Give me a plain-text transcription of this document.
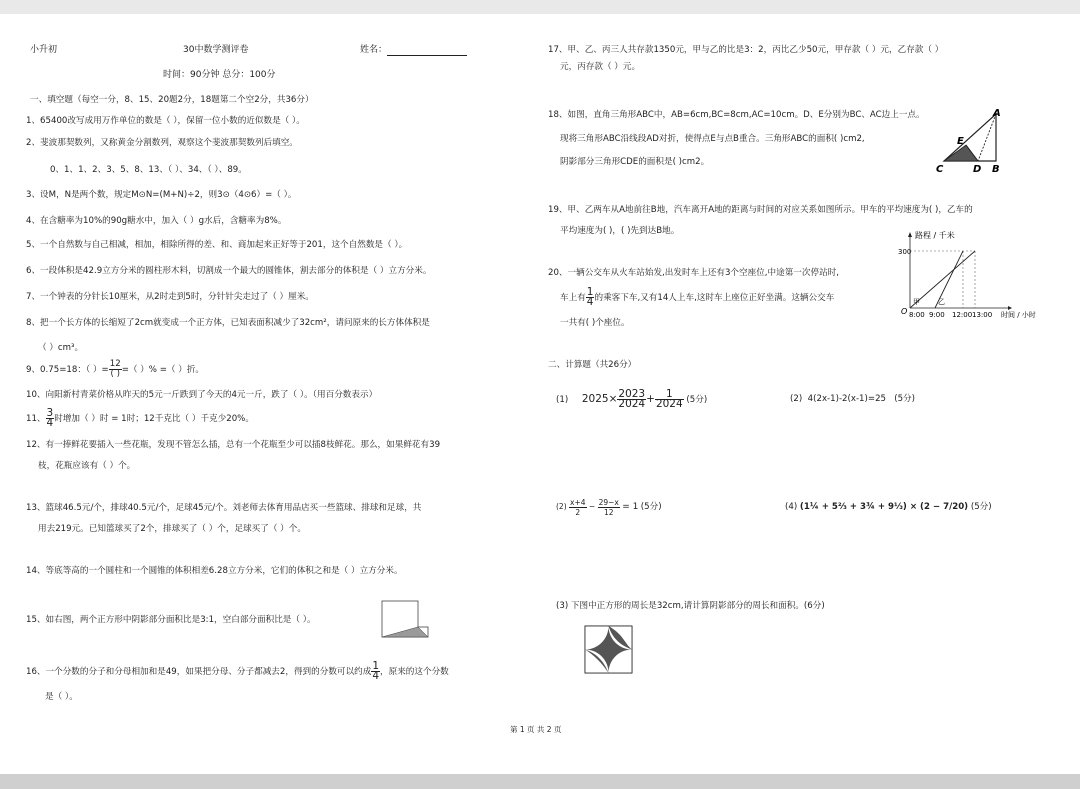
小升初	30中数学测评卷	姓名：
时间：90分钟 总分：100分
一、填空题（每空一分，8、15、20题2分，18题第二个空2分，共36分）
1、65400改写成用万作单位的数是（ ），保留一位小数的近似数是（ ）。
2、斐波那契数列，又称黄金分割数列，观察这个斐波那契数列后填空。
0、1、1、2、3、5、8、13、（ ）、34、（ ）、89。
3、设M，N是两个数，规定M⊙N=(M+N)÷2，则3⊙（4⊙6）=（ ）。
4、在含糖率为10%的90g糖水中，加入（ ）g水后，含糖率为8%。
5、一个自然数与自己相减，相加，相除所得的差、和、商加起来正好等于201，这个自然数是（ ）。
6、一段体积是42.9立方分米的圆柱形木料，切割成一个最大的圆锥体，割去部分的体积是（ ）立方分米。
7、一个钟表的分针长10厘米，从2时走到5时，分针针尖走过了（ ）厘米。
8、把一个长方体的长缩短了2cm就变成一个正方体，已知表面积减少了32cm²，请问原来的长方体体积是
（ ）cm³。
9、0.75=18：（ ）= $\frac{12}{( )}$ =（ ）% =（ ）折。
10、向阳新村青菜价格从昨天的5元一斤跌到了今天的4元一斤，跌了（ ）。（用百分数表示）
11、 $\frac{3}{4}$ 时增加（ ）时 = 1时；12千克比（ ）千克少20%。
12、有一捧鲜花要插入一些花瓶，发现不管怎么插，总有一个花瓶至少可以插8枝鲜花。那么，如果鲜花有39
枝，花瓶应该有（ ）个。
13、篮球46.5元/个，排球40.5元/个，足球45元/个。刘老师去体育用品店买一些篮球、排球和足球，共
用去219元。已知篮球买了2个，排球买了（ ）个，足球买了（ ）个。
14、等底等高的一个圆柱和一个圆锥的体积相差6.28立方分米，它们的体积之和是（ ）立方分米。
15、如右图，两个正方形中阴影部分面积比是3:1，空白部分面积比是（ ）。
16、一个分数的分子和分母相加和是49，如果把分母、分子都减去2，得到的分数可以约成 $\frac{1}{4}$ ，原来的这个分数
是（ ）。
17、甲、乙、丙三人共存款1350元，甲与乙的比是3：2，丙比乙少50元，甲存款（ ）元，乙存款（ ）
元，丙存款（ ）元。
18、如图，直角三角形ABC中，AB=6cm,BC=8cm,AC=10cm。D、E分别为BC、AC边上一点。
现将三角形ABC沿线段AD对折，使得点E与点B重合。三角形ABC的面积( )cm2,
阴影部分三角形CDE的面积是( )cm2。
A
E
C	D B
19、甲、乙两车从A地前往B地，汽车离开A地的距离与时间的对应关系如图所示。甲车的平均速度为( )，乙车的
平均速度为( )，( )先到达B地。	路程 / 千米
300
O
甲	乙
8:00 9:00 12:00 13:00 时间 / 小时
20、一辆公交车从火车站始发,出发时车上还有3个空座位,中途第一次停站时,
车上有 $\frac{1}{4}$ 的乘客下车,又有14人上车,这时车上座位正好坐满。这辆公交车
一共有( )个座位。
二、计算题（共26分）
(1) $2025\times \frac{2023}{2024} + \frac{1}{2024} (5$分)	(2) 4(2x-1)-2(x-1)=25 (5分)
$(2) \frac{x+4}{2} - \frac{29-x}{12} = 1$ (5分)	(4) (1¼ + 5⅔ + 3¾ + 9⅓) × (2 − 7/20) (5分)
(3) 下图中正方形的周长是32cm,请计算阴影部分的周长和面积。(6分)
第 1 页 共 2 页
